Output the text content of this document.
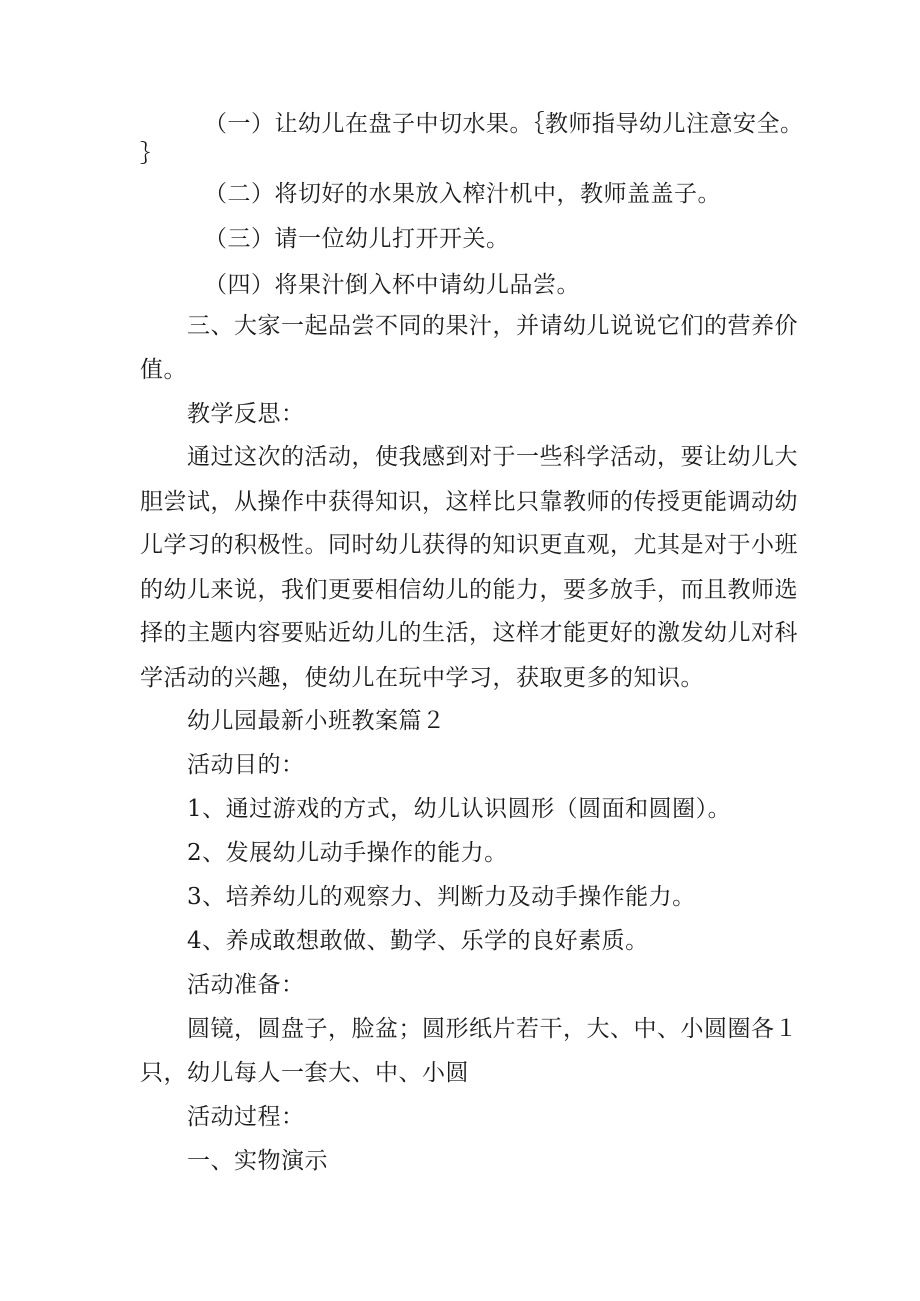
（一）让幼儿在盘子中切水果。｛教师指导幼儿注意安全。

｝

（二）将切好的水果放入榨汁机中，教师盖盖子。

（三）请一位幼儿打开开关。

（四）将果汁倒入杯中请幼儿品尝。

三、大家一起品尝不同的果汁，并请幼儿说说它们的营养价

值。

教学反思：

通过这次的活动，使我感到对于一些科学活动，要让幼儿大

胆尝试，从操作中获得知识，这样比只靠教师的传授更能调动幼

儿学习的积极性。同时幼儿获得的知识更直观，尤其是对于小班

的幼儿来说，我们更要相信幼儿的能力，要多放手，而且教师选

择的主题内容要贴近幼儿的生活，这样才能更好的激发幼儿对科

学活动的兴趣，使幼儿在玩中学习，获取更多的知识。

幼儿园最新小班教案篇２

活动目的：

1、通过游戏的方式，幼儿认识圆形（圆面和圆圈）。

2、发展幼儿动手操作的能力。

3、培养幼儿的观察力、判断力及动手操作能力。

4、养成敢想敢做、勤学、乐学的良好素质。

活动准备：

圆镜，圆盘子，脸盆；圆形纸片若干，大、中、小圆圈各１

只，幼儿每人一套大、中、小圆

活动过程：

一、实物演示
